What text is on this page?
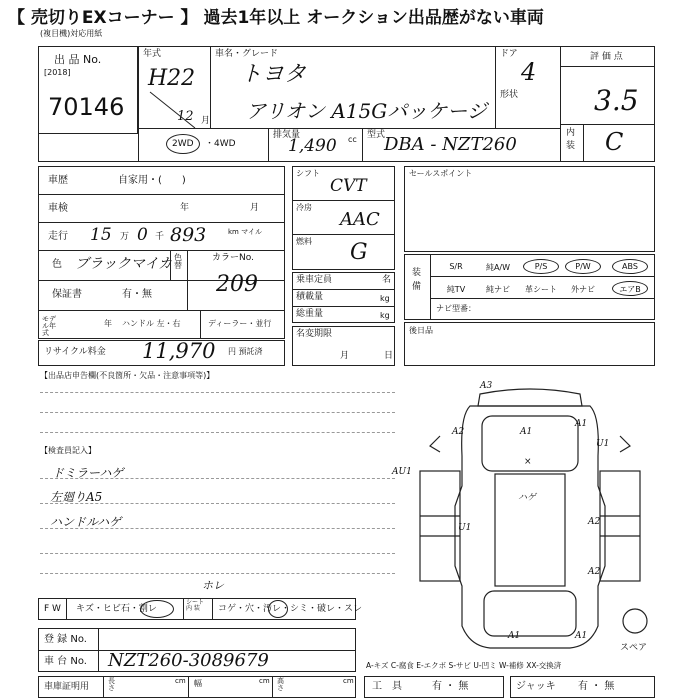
【 売切りEXコーナー 】 過去1年以上 オークション出品歴がない車両
(複目機)対応用紙
出 品 No.
[2018]
70146
年式
H22
12 月
車名・グレード
トヨタ
アリオン A15Gパッケージ
ドア
4
形状
評 価 点
3.5
内 装 C
2WD ・4WD
排気量
1,490 cc 型式
DBA - NZT260
車歴	自家用・(　　)
車検	年	月
走行 15 万 0 千 893	km マイル
色 ブラックマイカ 色替
カラーNo.
209
保証書	有・無
モデル年式
年 ハンドル 左・右	ディーラー・並行
シフト
CVT
冷房
AAC
燃料 G
乗車定員	名
積載量	kg
総重量	kg
セールスポイント
装備
S/R	純A/W	P/S	P/W	ABS
純TV	純ナビ	革シート	外ナビ	エアB
ナビ型番：
リサイクル料金 11,970 円 預託済
名変期限
月	日
後日品
【出品店申告欄(不良箇所・欠品・注意事項等)】
【検査員記入】
ドミラーハゲ
左廻りA5
ハンドルハゲ
F W キズ・ヒビ石・割レ
シート 内 装	コゲ・穴・汚レ・シミ・破レ・スレ
ホレ
登 録 No.
車 台 No. NZT260-3089679
車庫証明用
長さ
cm 幅	cm 高さ
cm 工　具	有 ・ 無	ジャッキ 有 ・ 無
A-キズ C-腐食 E-エクボ S-サビ U-凹ミ W-補修 XX-交換済
スペア
A3
A2	A1
A1
U1
AU1
U1
A2
A2
A1
ハゲ
×
A1
